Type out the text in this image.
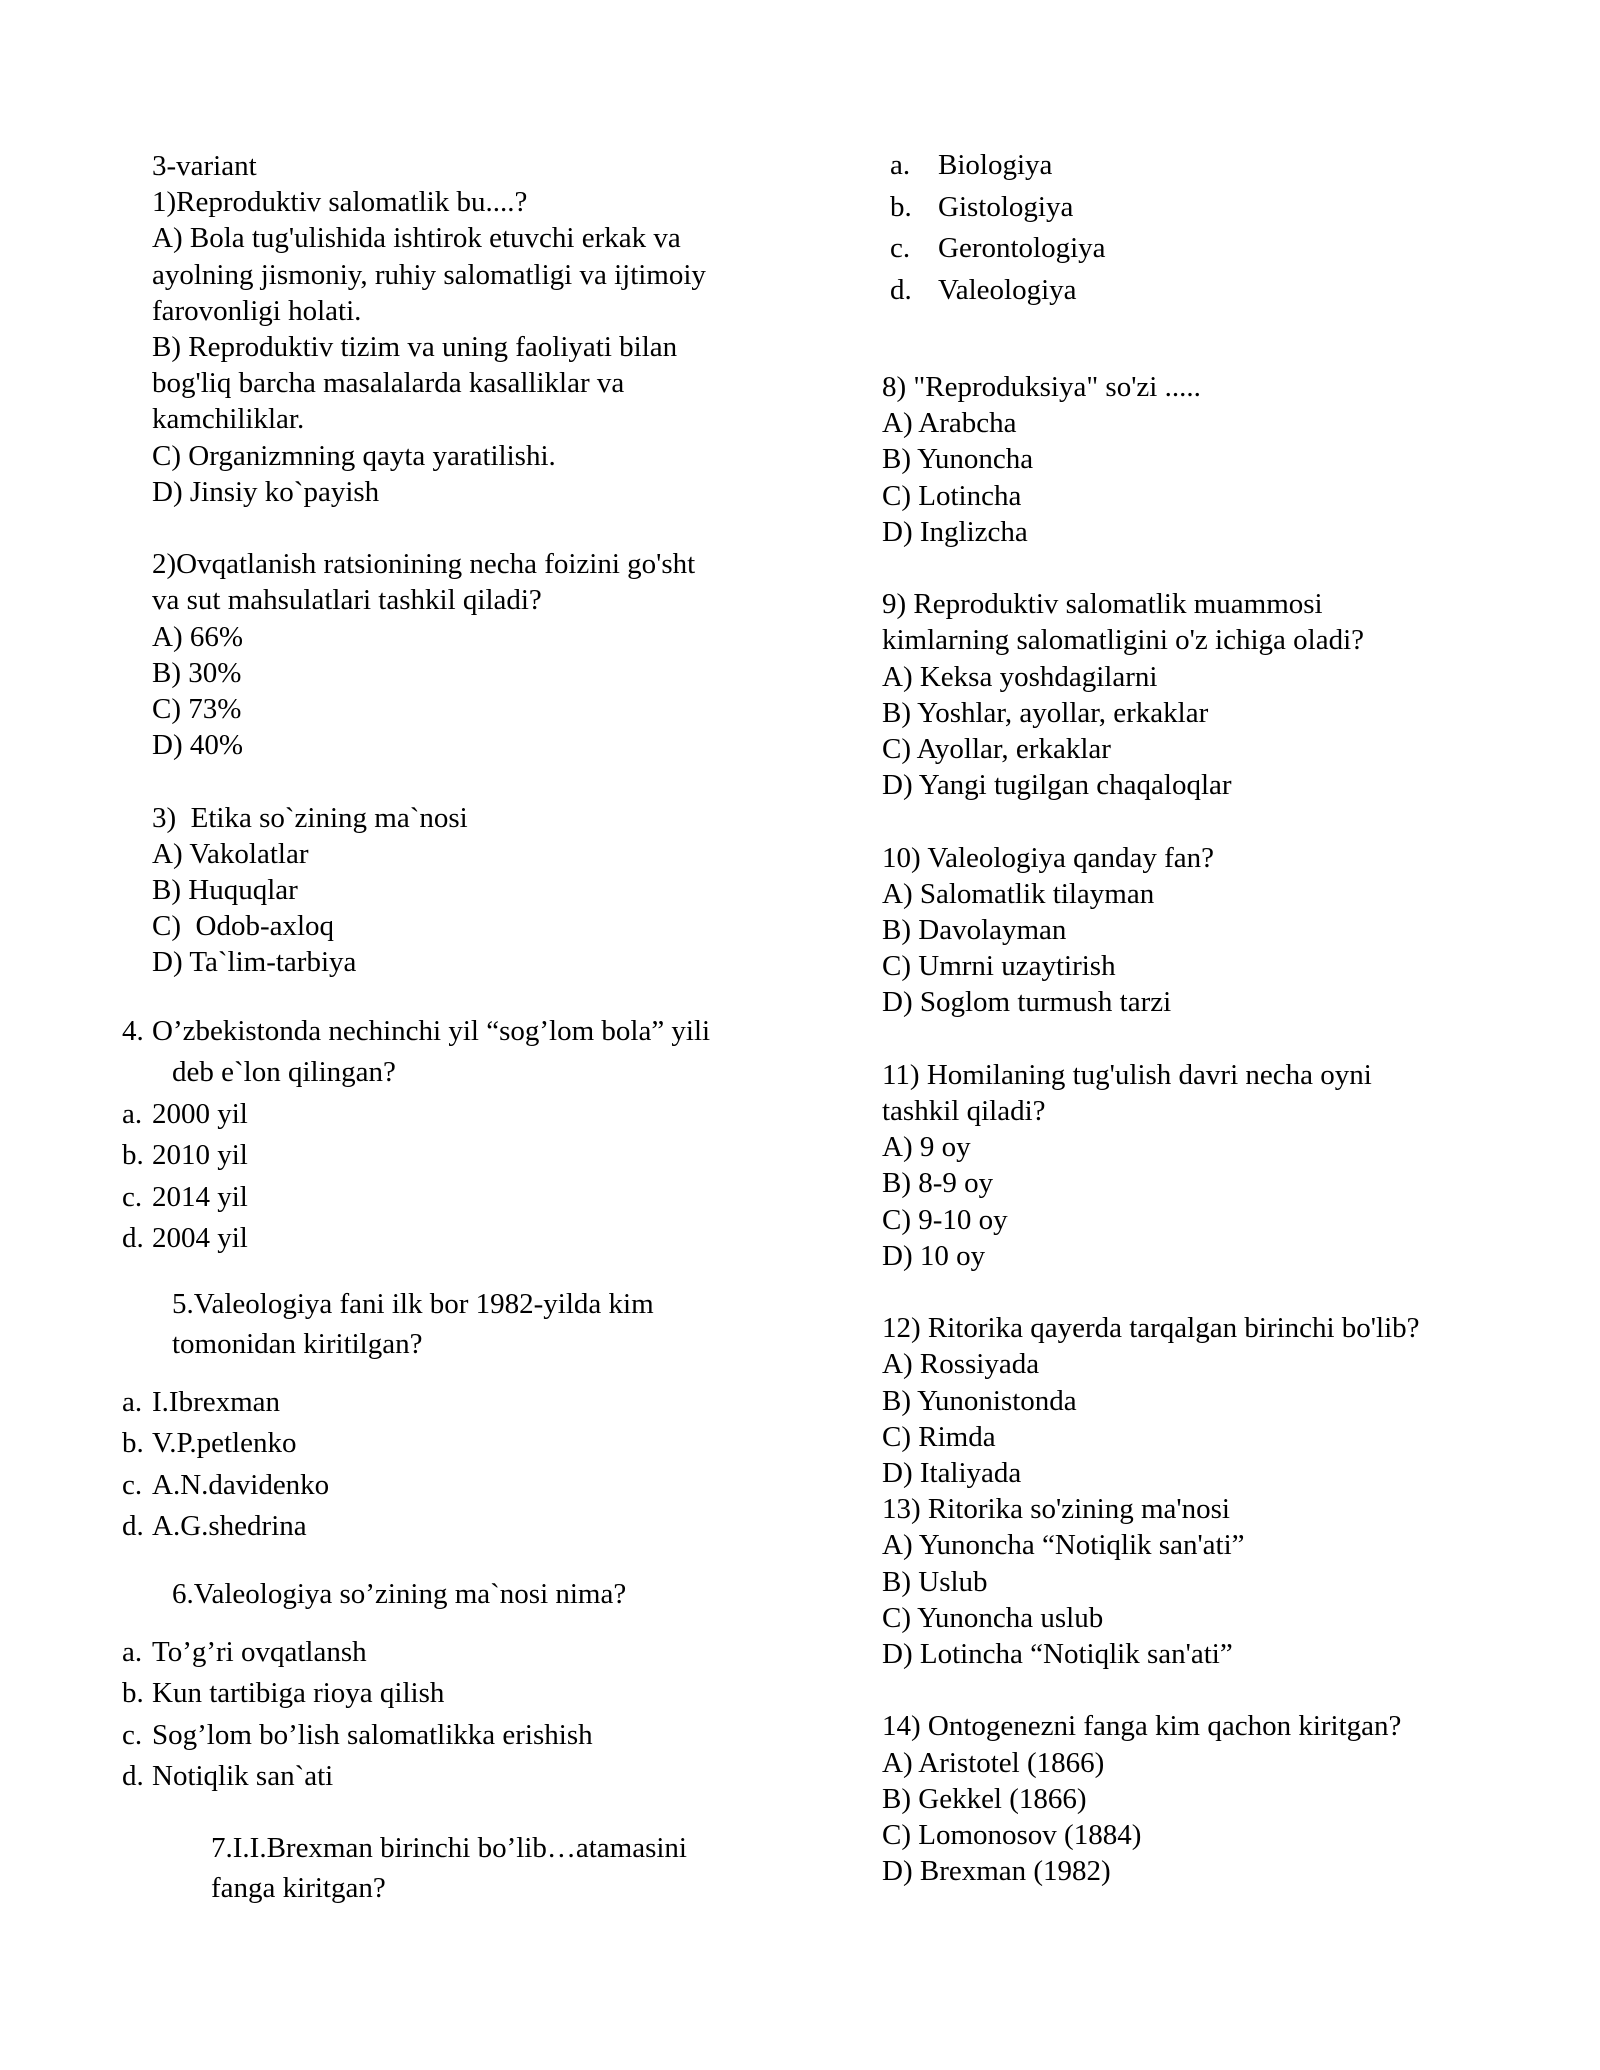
3-variant
1)Reproduktiv salomatlik bu....?
A) Bola tug'ulishida ishtirok etuvchi erkak va
ayolning jismoniy, ruhiy salomatligi va ijtimoiy
farovonligi holati.
B) Reproduktiv tizim va uning faoliyati bilan
bog'liq barcha masalalarda kasalliklar va
kamchiliklar.
C) Organizmning qayta yaratilishi.
D) Jinsiy ko`payish
2)Ovqatlanish ratsionining necha foizini go'sht
va sut mahsulatlari tashkil qiladi?
A) 66%
B) 30%
C) 73%
D) 40%
3)  Etika so`zining ma`nosi
A) Vakolatlar
B) Huquqlar
C)  Odob-axloq
D) Ta`lim-tarbiya
4. O’zbekistonda nechinchi yil “sog’lom bola” yili
deb e`lon qilingan?
a. 2000 yil
b. 2010 yil
c. 2014 yil
d. 2004 yil
5.Valeologiya fani ilk bor 1982-yilda kim
tomonidan kiritilgan?
a. I.Ibrexman
b. V.P.petlenko
c. A.N.davidenko
d. A.G.shedrina
6.Valeologiya so’zining ma`nosi nima?
a. To’g’ri ovqatlansh
b. Kun tartibiga rioya qilish
c. Sog’lom bo’lish salomatlikka erishish
d. Notiqlik san`ati
7.I.I.Brexman birinchi bo’lib…atamasini
fanga kiritgan?
a. Biologiya
b. Gistologiya
c. Gerontologiya
d. Valeologiya
8) "Reproduksiya" so'zi .....
A) Arabcha
B) Yunoncha
C) Lotincha
D) Inglizcha
9) Reproduktiv salomatlik muammosi
kimlarning salomatligini o'z ichiga oladi?
A) Keksa yoshdagilarni
B) Yoshlar, ayollar, erkaklar
C) Ayollar, erkaklar
D) Yangi tugilgan chaqaloqlar
10) Valeologiya qanday fan?
A) Salomatlik tilayman
B) Davolayman
C) Umrni uzaytirish
D) Soglom turmush tarzi
11) Homilaning tug'ulish davri necha oyni
tashkil qiladi?
A) 9 oy
B) 8-9 oy
C) 9-10 oy
D) 10 oy
12) Ritorika qayerda tarqalgan birinchi bo'lib?
A) Rossiyada
B) Yunonistonda
C) Rimda
D) Italiyada
13) Ritorika so'zining ma'nosi
A) Yunoncha “Notiqlik san'ati”
B) Uslub
C) Yunoncha uslub
D) Lotincha “Notiqlik san'ati”
14) Ontogenezni fanga kim qachon kiritgan?
A) Aristotel (1866)
B) Gekkel (1866)
C) Lomonosov (1884)
D) Brexman (1982)
